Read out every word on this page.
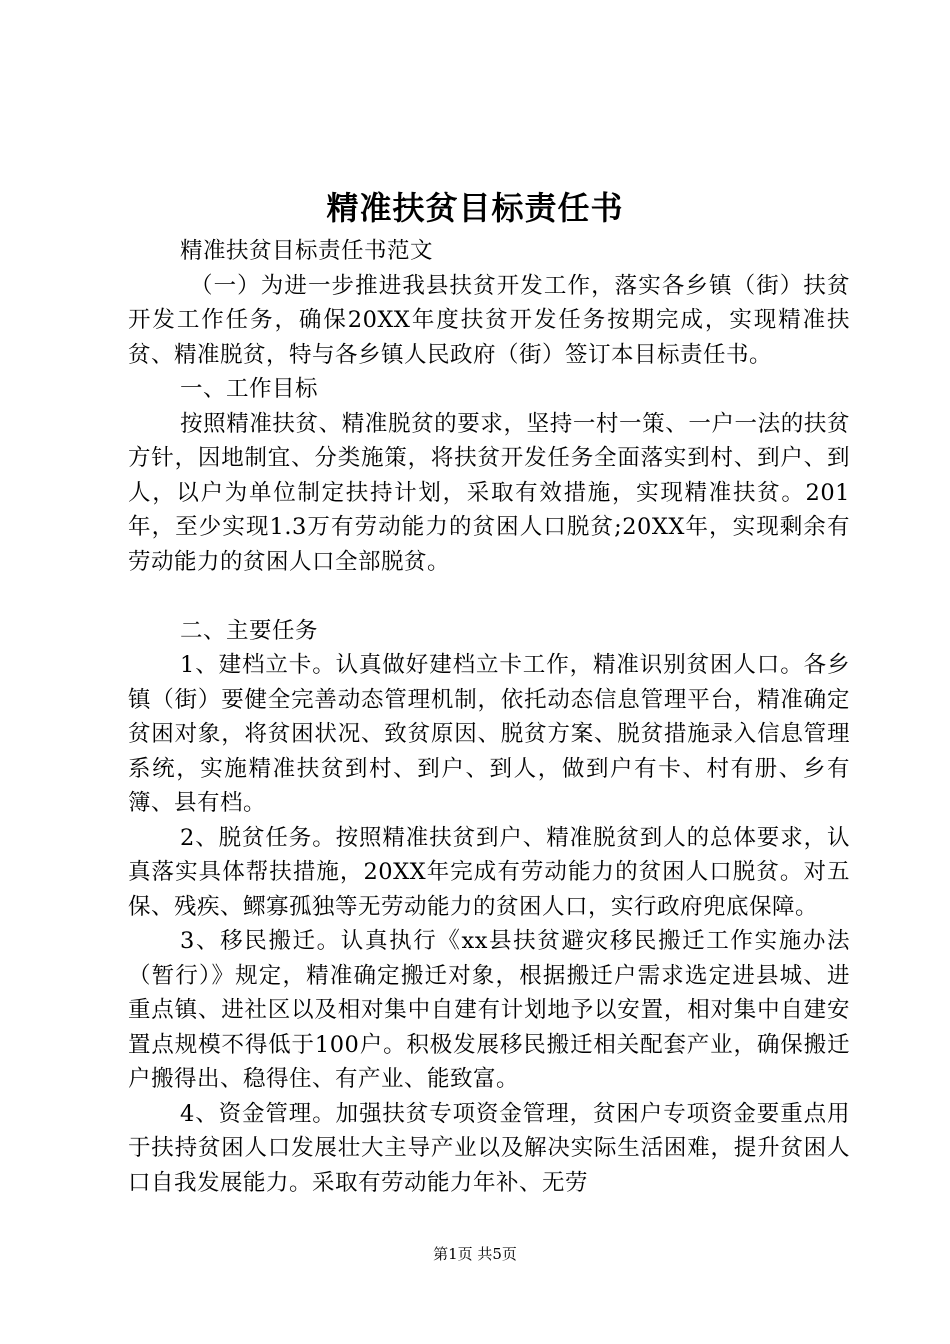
精准扶贫目标责任书

精准扶贫目标责任书范文

（一）为进一步推进我县扶贫开发工作，落实各乡镇（街）扶贫开发工作任务，确保20XX年度扶贫开发任务按期完成，实现精准扶贫、精准脱贫，特与各乡镇人民政府（街）签订本目标责任书。

一、工作目标

按照精准扶贫、精准脱贫的要求，坚持一村一策、一户一法的扶贫方针，因地制宜、分类施策，将扶贫开发任务全面落实到村、到户、到人，以户为单位制定扶持计划，采取有效措施，实现精准扶贫。201年，至少实现1.3万有劳动能力的贫困人口脱贫;20XX年，实现剩余有劳动能力的贫困人口全部脱贫。

二、主要任务

1、建档立卡。认真做好建档立卡工作，精准识别贫困人口。各乡镇（街）要健全完善动态管理机制，依托动态信息管理平台，精准确定贫困对象，将贫困状况、致贫原因、脱贫方案、脱贫措施录入信息管理系统，实施精准扶贫到村、到户、到人，做到户有卡、村有册、乡有簿、县有档。

2、脱贫任务。按照精准扶贫到户、精准脱贫到人的总体要求，认真落实具体帮扶措施，20XX年完成有劳动能力的贫困人口脱贫。对五保、残疾、鳏寡孤独等无劳动能力的贫困人口，实行政府兜底保障。

3、移民搬迁。认真执行《xx县扶贫避灾移民搬迁工作实施办法（暂行）》规定，精准确定搬迁对象，根据搬迁户需求选定进县城、进重点镇、进社区以及相对集中自建有计划地予以安置，相对集中自建安置点规模不得低于100户。积极发展移民搬迁相关配套产业，确保搬迁户搬得出、稳得住、有产业、能致富。

4、资金管理。加强扶贫专项资金管理，贫困户专项资金要重点用于扶持贫困人口发展壮大主导产业以及解决实际生活困难，提升贫困人口自我发展能力。采取有劳动能力年补、无劳

第1页 共5页
